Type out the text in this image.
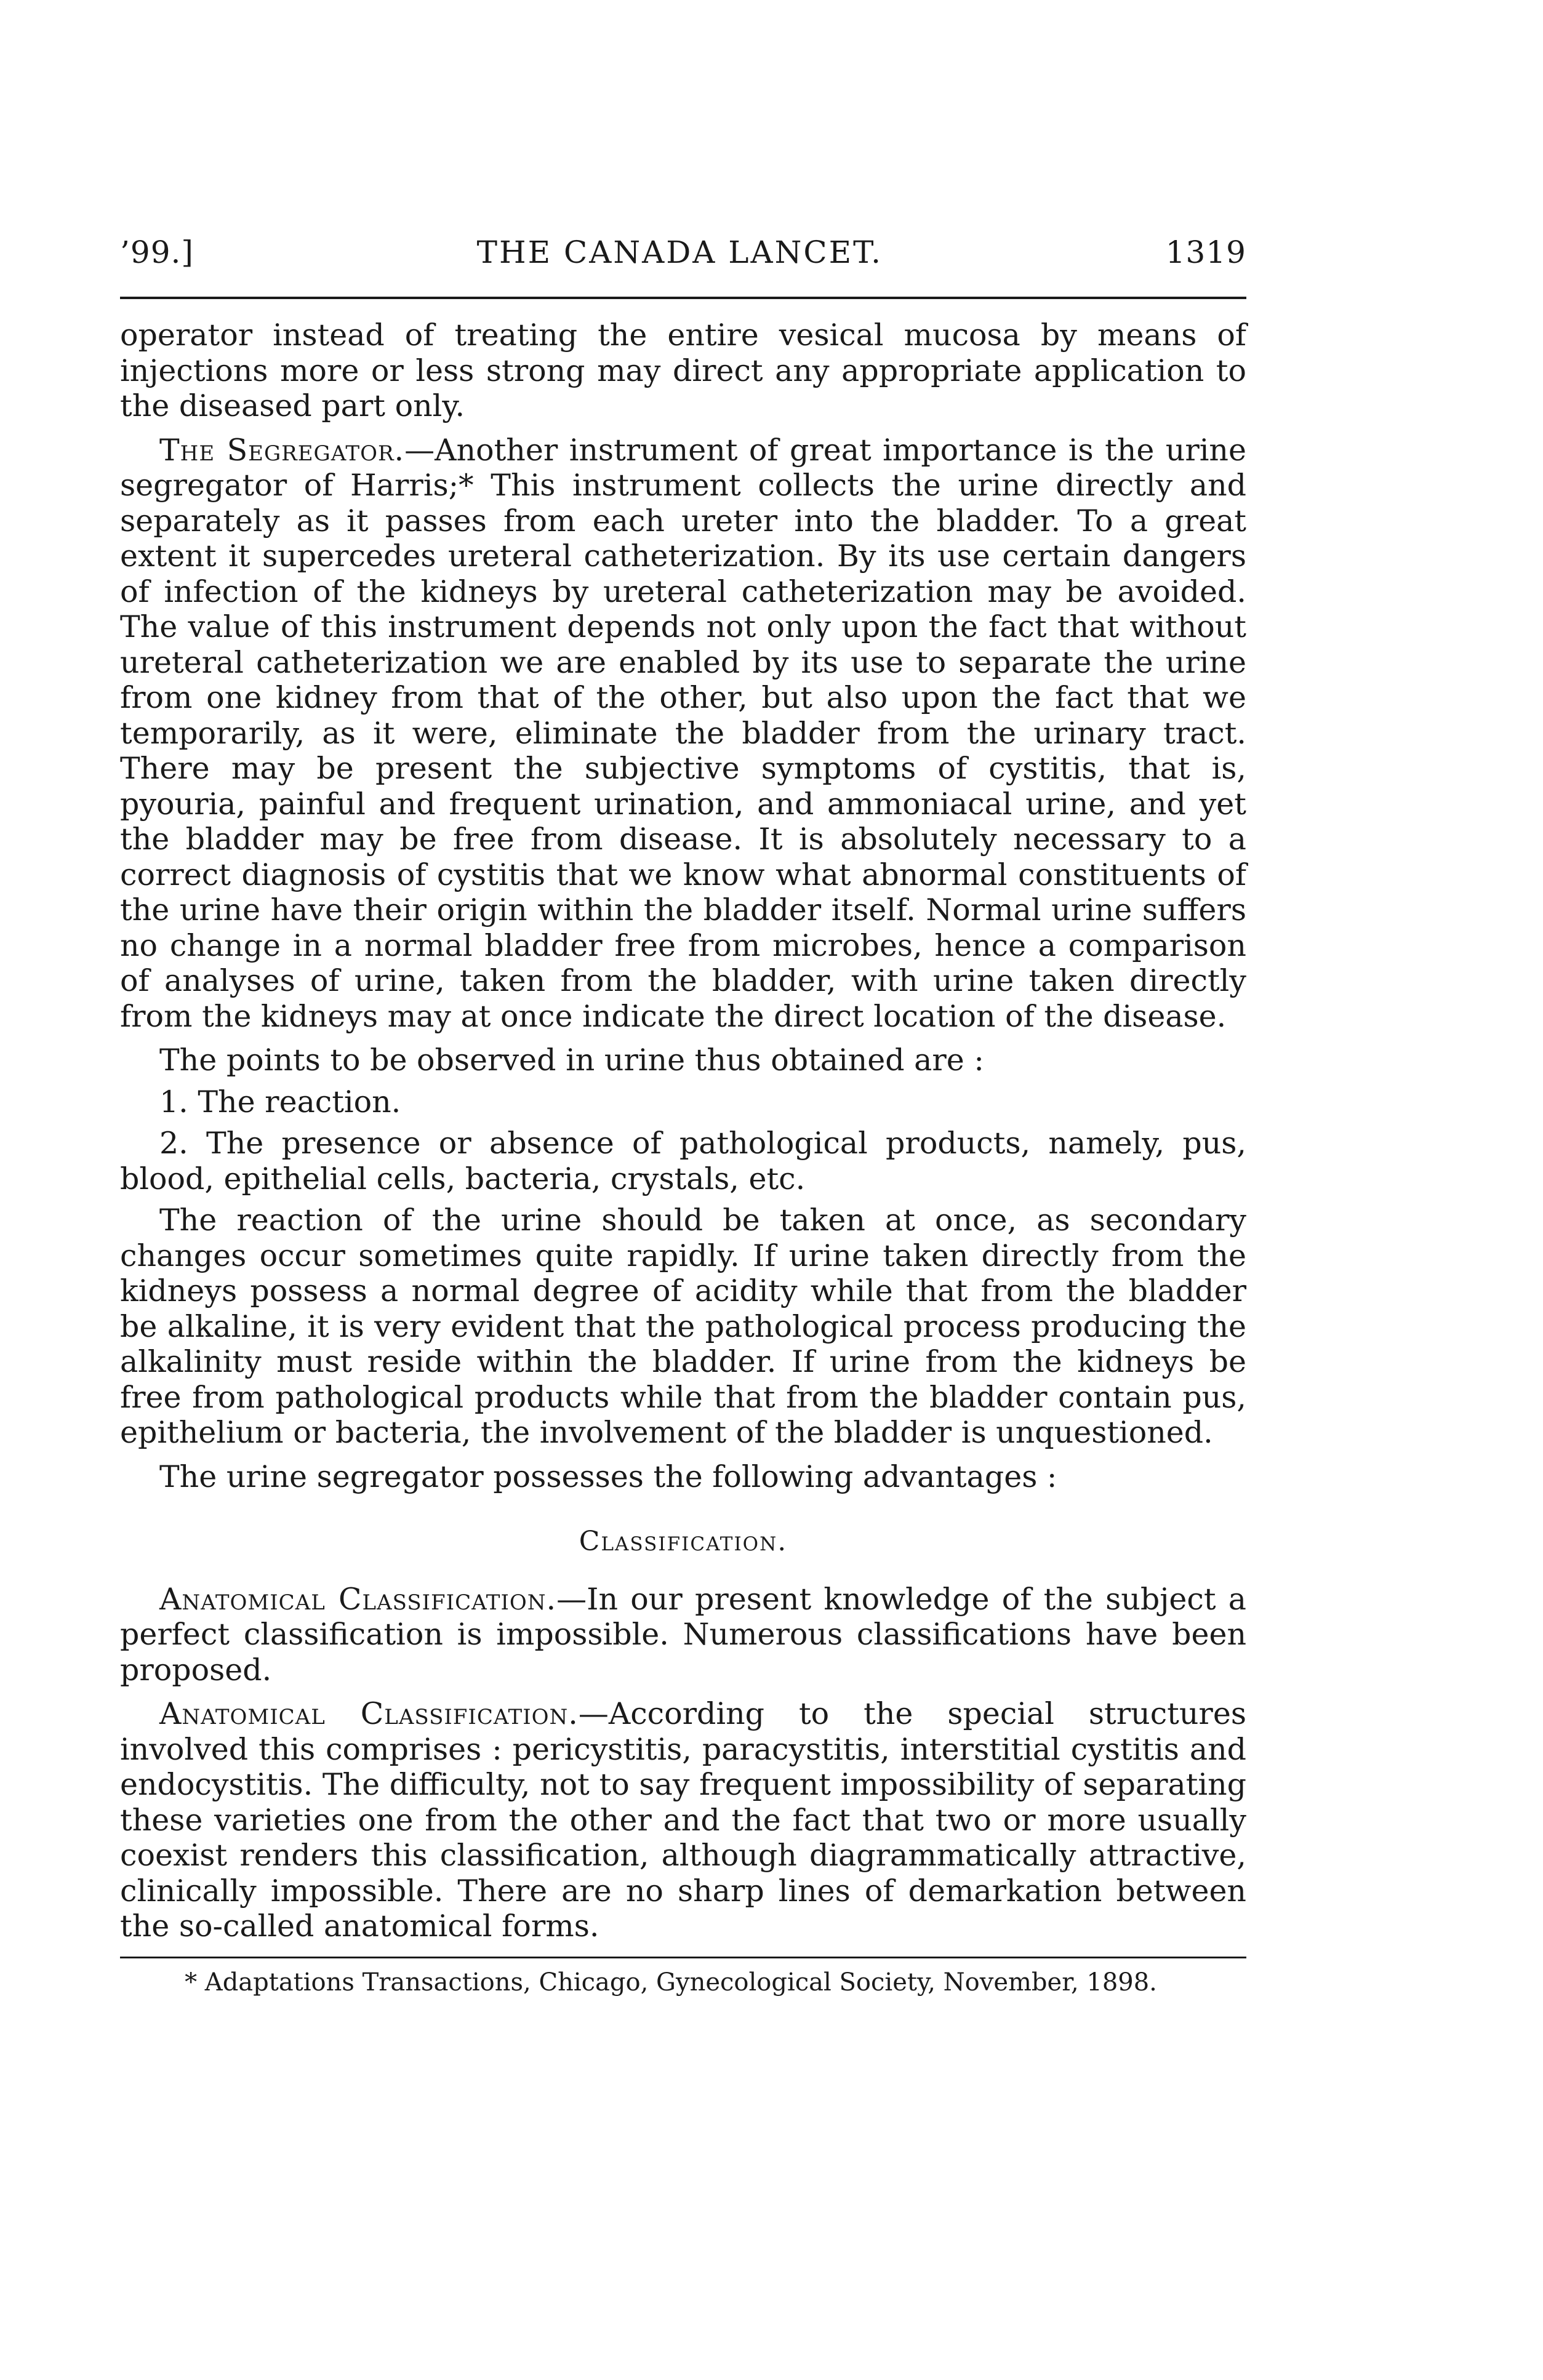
’99.]	THE CANADA LANCET.	1319

operator instead of treating the entire vesical mucosa by means of injections more or less strong may direct any appropriate application to the diseased part only.

The Segregator.—Another instrument of great importance is the urine segregator of Harris;* This instrument collects the urine directly and separately as it passes from each ureter into the bladder. To a great extent it supercedes ureteral catheterization. By its use certain dangers of infection of the kidneys by ureteral catheterization may be avoided. The value of this instrument depends not only upon the fact that without ureteral catheterization we are enabled by its use to separate the urine from one kidney from that of the other, but also upon the fact that we temporarily, as it were, eliminate the bladder from the urinary tract. There may be present the subjective symptoms of cystitis, that is, pyouria, painful and frequent urination, and ammoniacal urine, and yet the bladder may be free from disease. It is absolutely necessary to a correct diagnosis of cystitis that we know what abnormal constituents of the urine have their origin within the bladder itself. Normal urine suffers no change in a normal bladder free from microbes, hence a comparison of analyses of urine, taken from the bladder, with urine taken directly from the kidneys may at once indicate the direct location of the disease.

The points to be observed in urine thus obtained are :

1. The reaction.

2. The presence or absence of pathological products, namely, pus, blood, epithelial cells, bacteria, crystals, etc.

The reaction of the urine should be taken at once, as secondary changes occur sometimes quite rapidly. If urine taken directly from the kidneys possess a normal degree of acidity while that from the bladder be alkaline, it is very evident that the pathological process producing the alkalinity must reside within the bladder. If urine from the kidneys be free from pathological products while that from the bladder contain pus, epithelium or bacteria, the involvement of the bladder is unquestioned.

The urine segregator possesses the following advantages :

Classification.

Anatomical Classification.—In our present knowledge of the subject a perfect classification is impossible. Numerous classifications have been proposed.

Anatomical Classification.—According to the special structures involved this comprises : pericystitis, paracystitis, interstitial cystitis and endocystitis. The difficulty, not to say frequent impossibility of separating these varieties one from the other and the fact that two or more usually coexist renders this classification, although diagrammatically attractive, clinically impossible. There are no sharp lines of demarkation between the so-called anatomical forms.

* Adaptations Transactions, Chicago, Gynecological Society, November, 1898.
